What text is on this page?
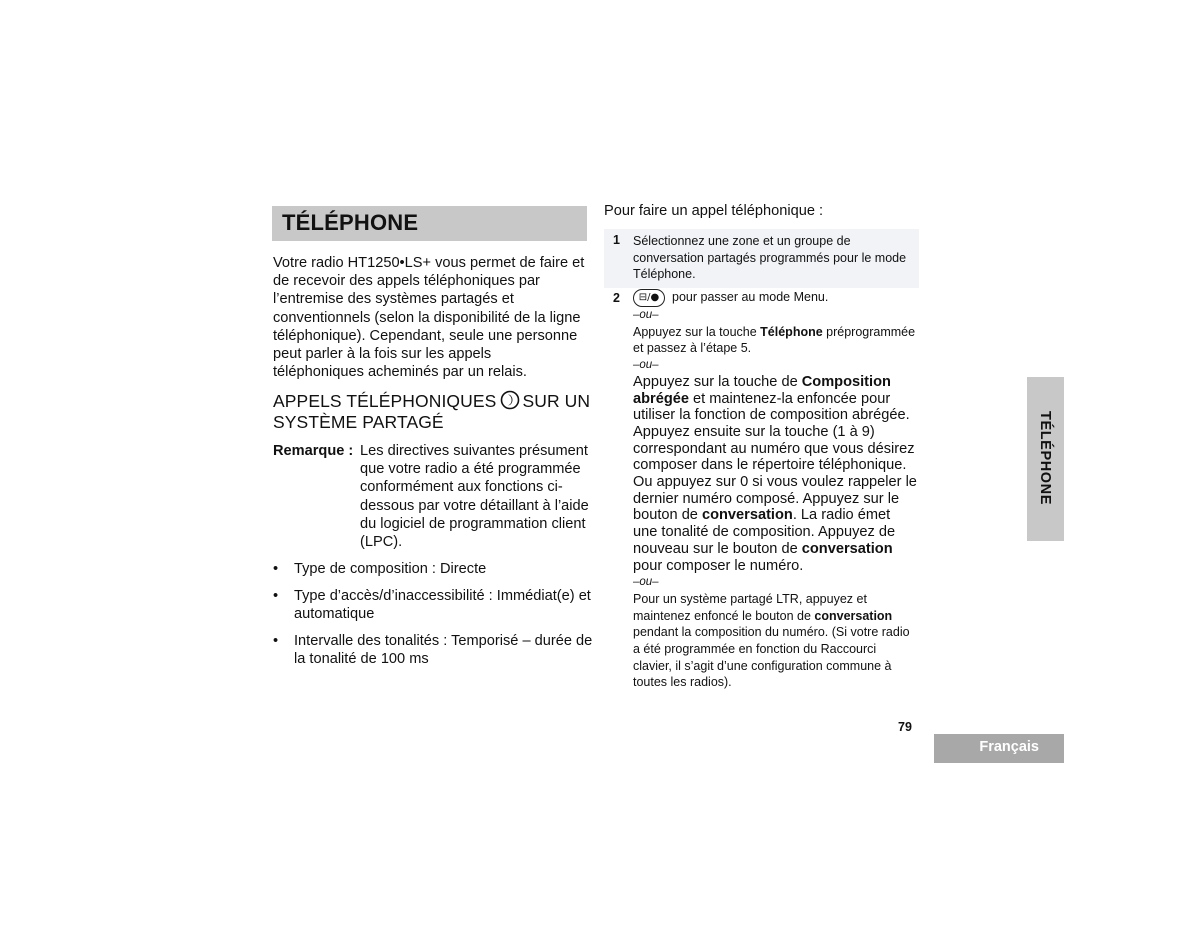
TÉLÉPHONE
Votre radio HT1250•LS+ vous permet de faire et de recevoir des appels téléphoniques par l’entremise des systèmes partagés et conventionnels (selon la disponibilité de la ligne téléphonique). Cependant, seule une personne peut parler à la fois sur les appels téléphoniques acheminés par un relais.
APPELS TÉLÉPHONIQUES SUR UN SYSTÈME PARTAGÉ
Remarque : Les directives suivantes présument que votre radio a été programmée conformément aux fonctions ci-dessous par votre détaillant à l’aide du logiciel de programmation client (LPC).
• Type de composition : Directe
• Type d’accès/d’inaccessibilité : Immédiat(e) et automatique
• Intervalle des tonalités : Temporisé – durée de la tonalité de 100 ms
Pour faire un appel téléphonique :
1 Sélectionnez une zone et un groupe de conversation partagés programmés pour le mode Téléphone.
2	⊟/●	pour passer au mode Menu.
–ou–
Appuyez sur la touche Téléphone préprogrammée et passez à l’étape 5.
–ou–
Appuyez sur la touche de Composition abrégée et maintenez-la enfoncée pour utiliser la fonction de composition abrégée. Appuyez ensuite sur la touche (1 à 9) correspondant au numéro que vous désirez composer dans le répertoire téléphonique. Ou appuyez sur 0 si vous voulez rappeler le dernier numéro composé. Appuyez sur le bouton de conversation. La radio émet une tonalité de composition. Appuyez de nouveau sur le bouton de conversation pour composer le numéro.
–ou–
Pour un système partagé LTR, appuyez et maintenez enfoncé le bouton de conversation pendant la composition du numéro. (Si votre radio a été programmée en fonction du Raccourci clavier, il s’agit d’une configuration commune à toutes les radios).
79
TÉLÉPHONE
Français
